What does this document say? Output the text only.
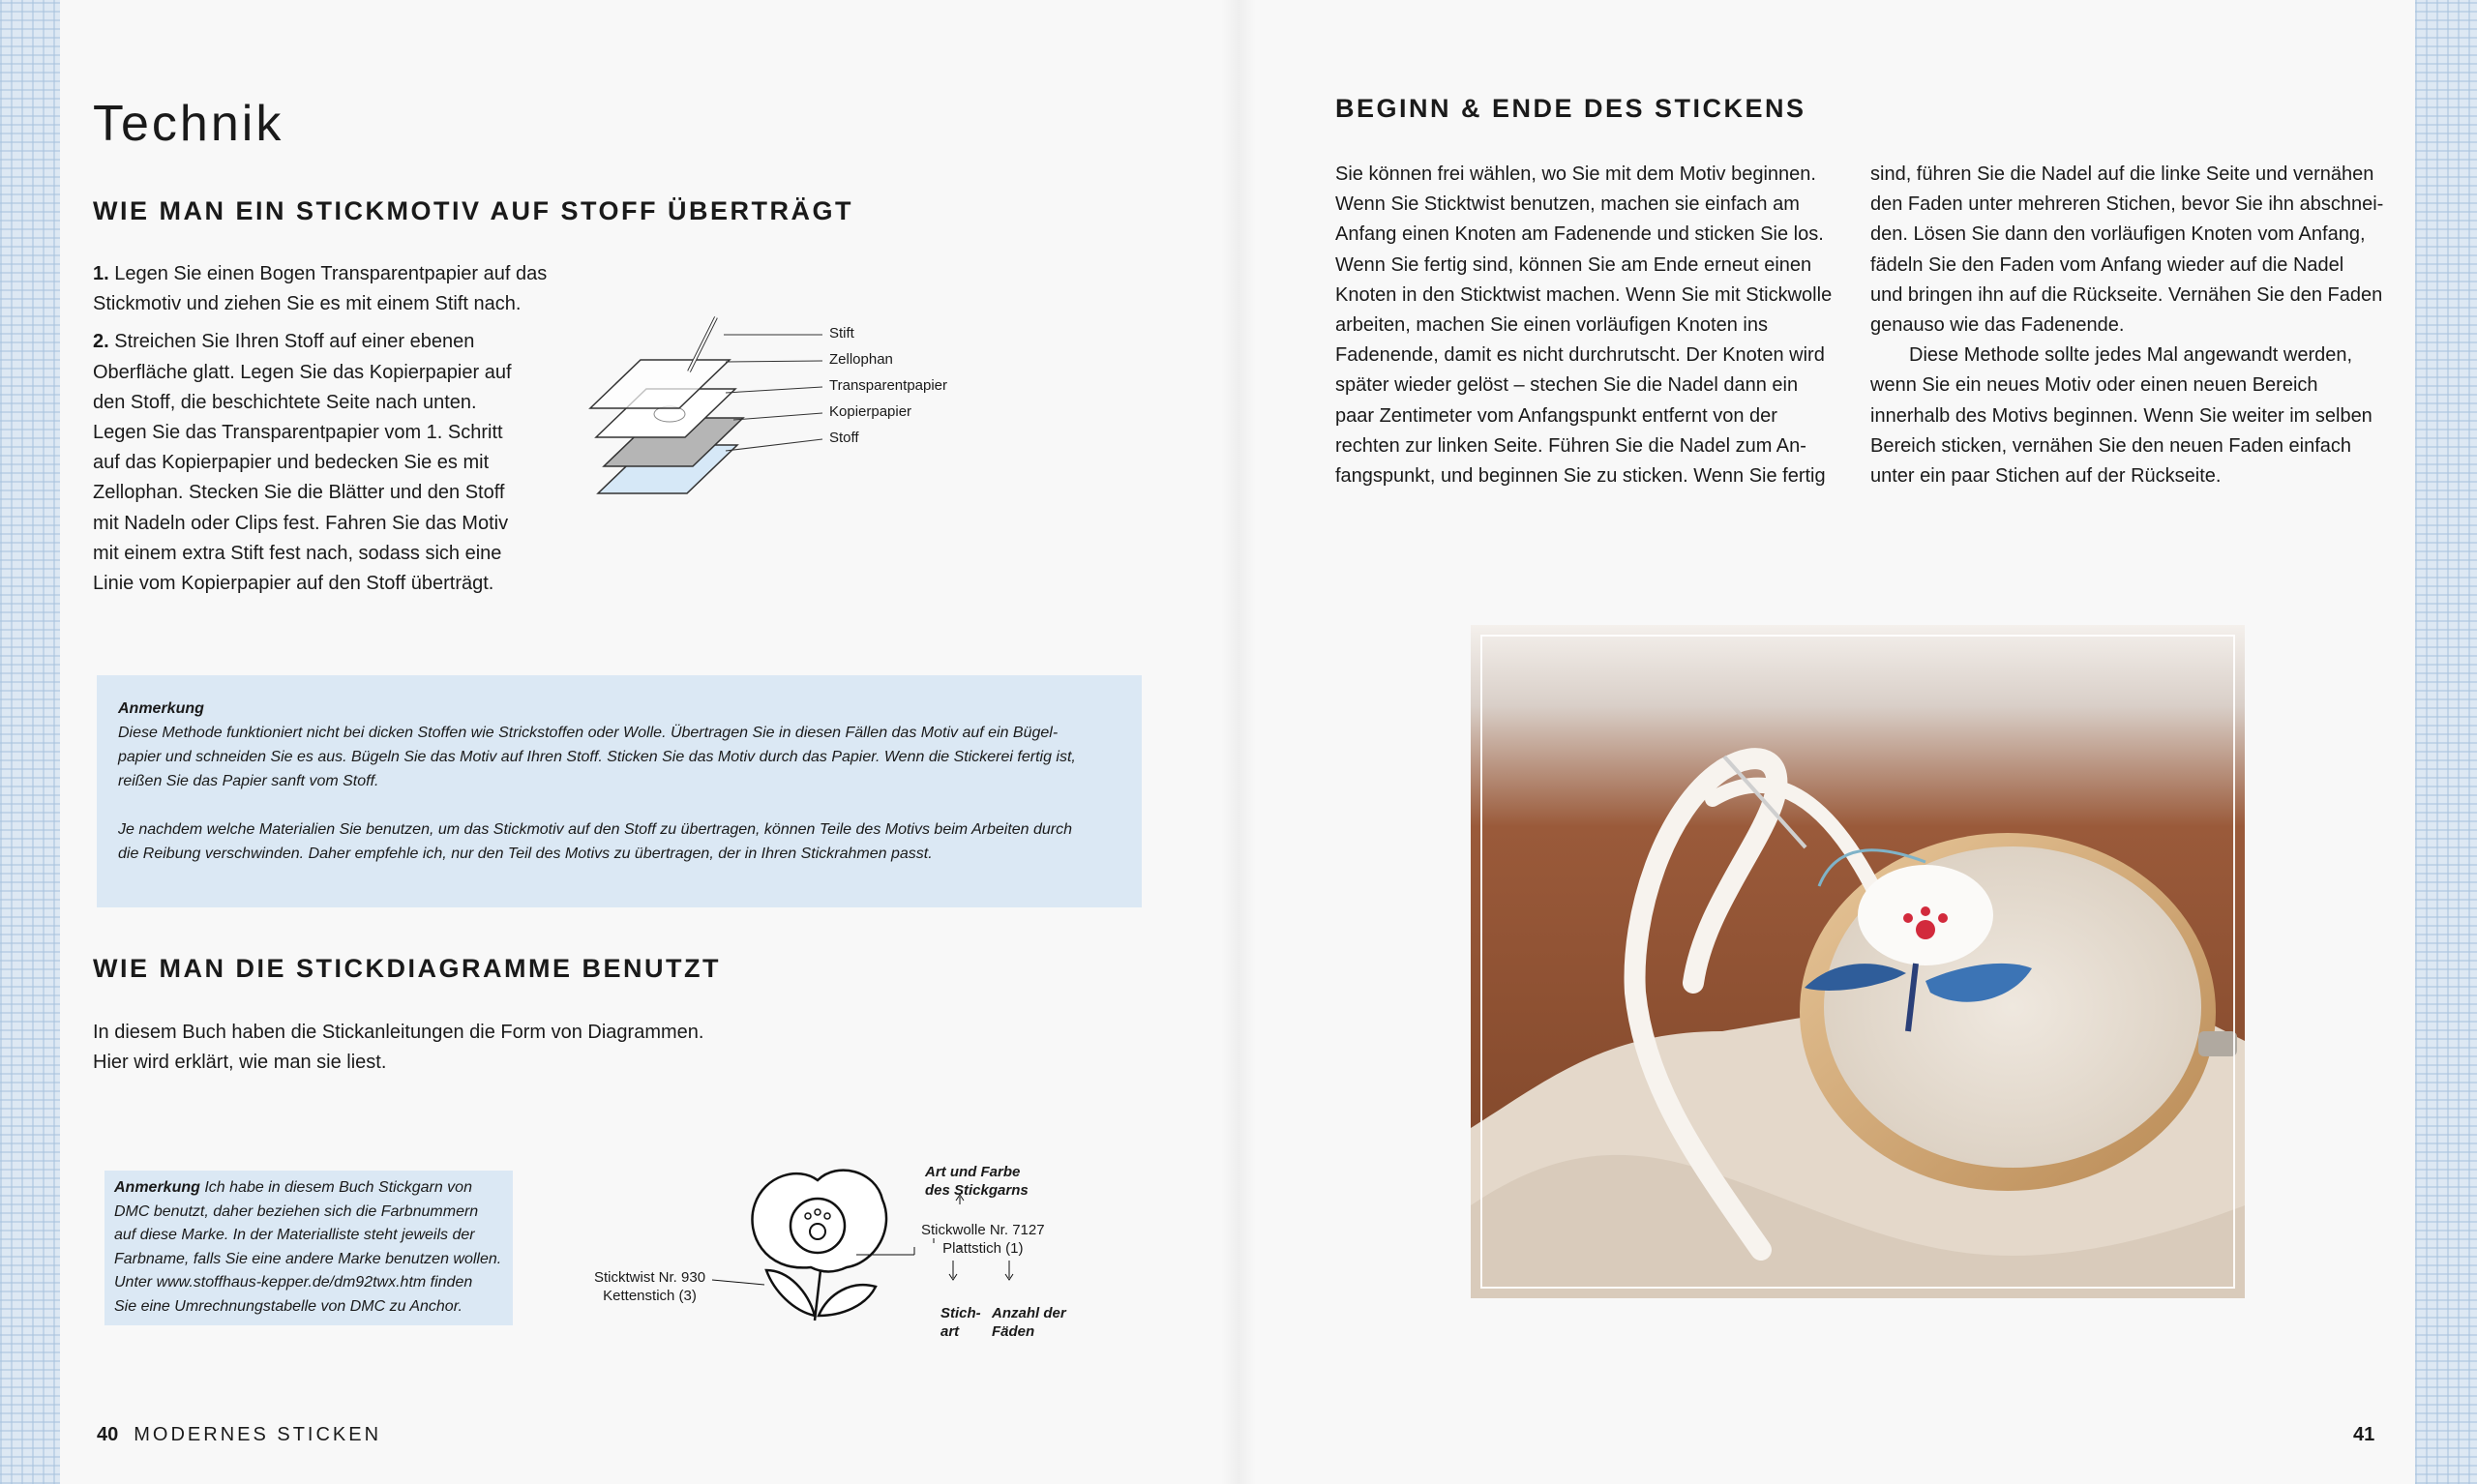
Technik
WIE MAN EIN STICKMOTIV AUF STOFF ÜBERTRÄGT

1. Legen Sie einen Bogen Transparentpapier auf das

Stickmotiv und ziehen Sie es mit einem Stift nach.

2. Streichen Sie Ihren Stoff auf einer ebenen

Oberfläche glatt. Legen Sie das Kopierpapier auf

den Stoff, die beschichtete Seite nach unten.

Legen Sie das Transparentpapier vom 1. Schritt

auf das Kopierpapier und bedecken Sie es mit

Zellophan. Stecken Sie die Blätter und den Stoff

mit Nadeln oder Clips fest. Fahren Sie das Motiv

mit einem extra Stift fest nach, sodass sich eine

Linie vom Kopierpapier auf den Stoff überträgt.

Stift
Zellophan
Transparentpapier
Kopierpapier
Stoff
Anmerkung
Diese Methode funktioniert nicht bei dicken Stoffen wie Strickstoffen oder Wolle. Übertragen Sie in diesen Fällen das Motiv auf ein Bügel-
papier und schneiden Sie es aus. Bügeln Sie das Motiv auf Ihren Stoff. Sticken Sie das Motiv durch das Papier. Wenn die Stickerei fertig ist,
reißen Sie das Papier sanft vom Stoff.
Je nachdem welche Materialien Sie benutzen, um das Stickmotiv auf den Stoff zu übertragen, können Teile des Motivs beim Arbeiten durch
die Reibung verschwinden. Daher empfehle ich, nur den Teil des Motivs zu übertragen, der in Ihren Stickrahmen passt.
WIE MAN DIE STICKDIAGRAMME BENUTZT

In diesem Buch haben die Stickanleitungen die Form von Diagrammen.

Hier wird erklärt, wie man sie liest.

Anmerkung Ich habe in diesem Buch Stickgarn von
DMC benutzt, daher beziehen sich die Farbnummern
auf diese Marke. In der Materialliste steht jeweils der
Farbname, falls Sie eine andere Marke benutzen wollen.
Unter www.stoffhaus-kepper.de/dm92twx.htm finden
Sie eine Umrechnungstabelle von DMC zu Anchor.
Art und Farbe
des Stickgarns
Stickwolle Nr. 7127
Plattstich (1)
Sticktwist Nr. 930
Kettenstich (3)
Stich-
art
Anzahl der
Fäden
40 MODERNES STICKEN
BEGINN & ENDE DES STICKENS

Sie können frei wählen, wo Sie mit dem Motiv beginnen.

Wenn Sie Sticktwist benutzen, machen sie einfach am

Anfang einen Knoten am Fadenende und sticken Sie los.

Wenn Sie fertig sind, können Sie am Ende erneut einen

Knoten in den Sticktwist machen. Wenn Sie mit Stickwolle

arbeiten, machen Sie einen vorläufigen Knoten ins

Fadenende, damit es nicht durchrutscht. Der Knoten wird

später wieder gelöst – stechen Sie die Nadel dann ein

paar Zentimeter vom Anfangspunkt entfernt von der

rechten zur linken Seite. Führen Sie die Nadel zum An-

fangspunkt, und beginnen Sie zu sticken. Wenn Sie fertig

sind, führen Sie die Nadel auf die linke Seite und vernähen

den Faden unter mehreren Stichen, bevor Sie ihn abschnei-

den. Lösen Sie dann den vorläufigen Knoten vom Anfang,

fädeln Sie den Faden vom Anfang wieder auf die Nadel

und bringen ihn auf die Rückseite. Vernähen Sie den Faden

genauso wie das Fadenende.

Diese Methode sollte jedes Mal angewandt werden,

wenn Sie ein neues Motiv oder einen neuen Bereich

innerhalb des Motivs beginnen. Wenn Sie weiter im selben

Bereich sticken, vernähen Sie den neuen Faden einfach

unter ein paar Stichen auf der Rückseite.

41
